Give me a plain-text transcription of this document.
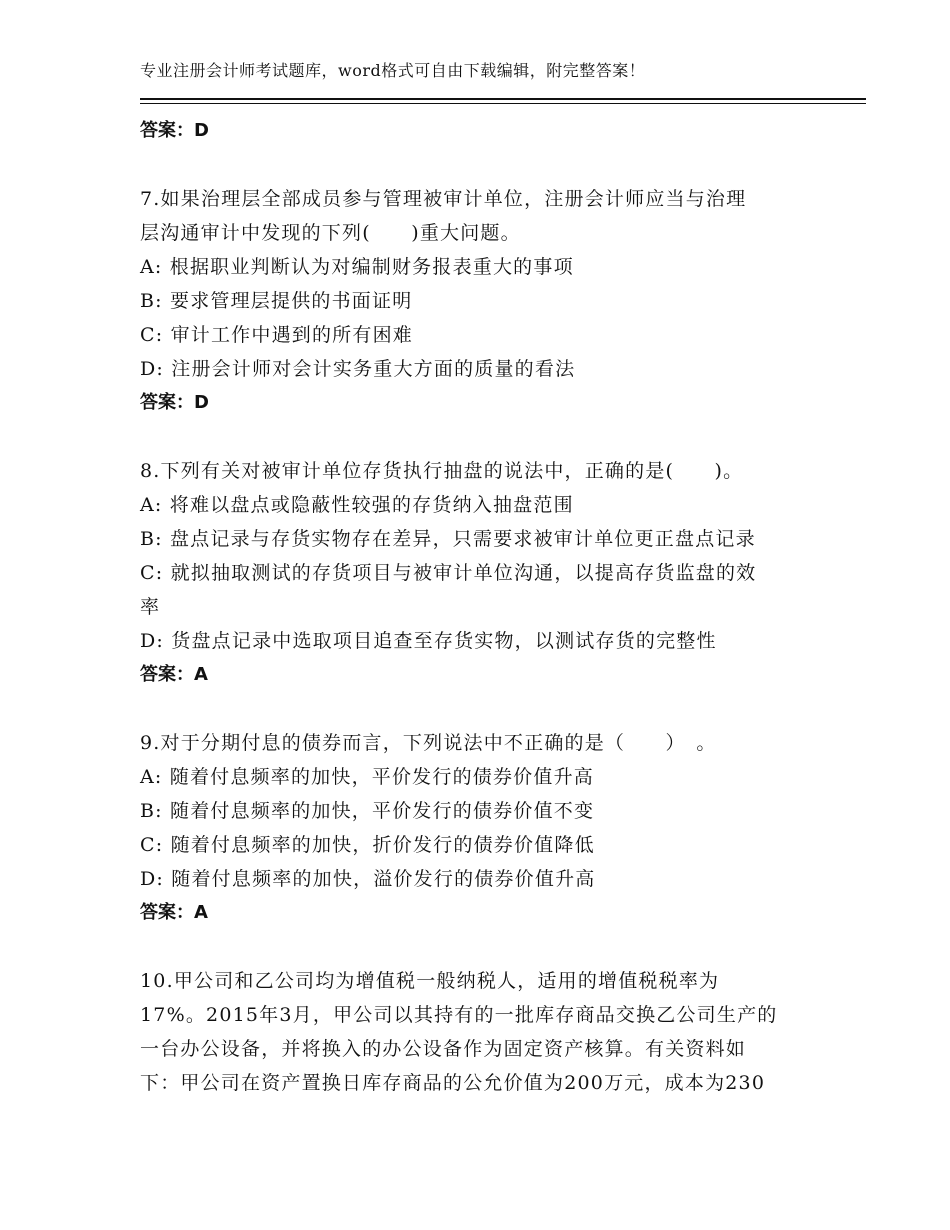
专业注册会计师考试题库，word格式可自由下载编辑，附完整答案！
答案：D
7.如果治理层全部成员参与管理被审计单位，注册会计师应当与治理
层沟通审计中发现的下列(　　)重大问题。
A: 根据职业判断认为对编制财务报表重大的事项
B: 要求管理层提供的书面证明
C: 审计工作中遇到的所有困难
D: 注册会计师对会计实务重大方面的质量的看法
答案：D
8.下列有关对被审计单位存货执行抽盘的说法中，正确的是(　　)。
A: 将难以盘点或隐蔽性较强的存货纳入抽盘范围
B: 盘点记录与存货实物存在差异，只需要求被审计单位更正盘点记录
C: 就拟抽取测试的存货项目与被审计单位沟通，以提高存货监盘的效
率
D: 货盘点记录中选取项目追查至存货实物，以测试存货的完整性
答案：A
9.对于分期付息的债券而言，下列说法中不正确的是（　　）　。
A: 随着付息频率的加快，平价发行的债券价值升高
B: 随着付息频率的加快，平价发行的债券价值不变
C: 随着付息频率的加快，折价发行的债券价值降低
D: 随着付息频率的加快，溢价发行的债券价值升高
答案：A
10.甲公司和乙公司均为增值税一般纳税人，适用的增值税税率为
17%。2015年3月，甲公司以其持有的一批库存商品交换乙公司生产的
一台办公设备，并将换入的办公设备作为固定资产核算。有关资料如
下：甲公司在资产置换日库存商品的公允价值为200万元，成本为230
